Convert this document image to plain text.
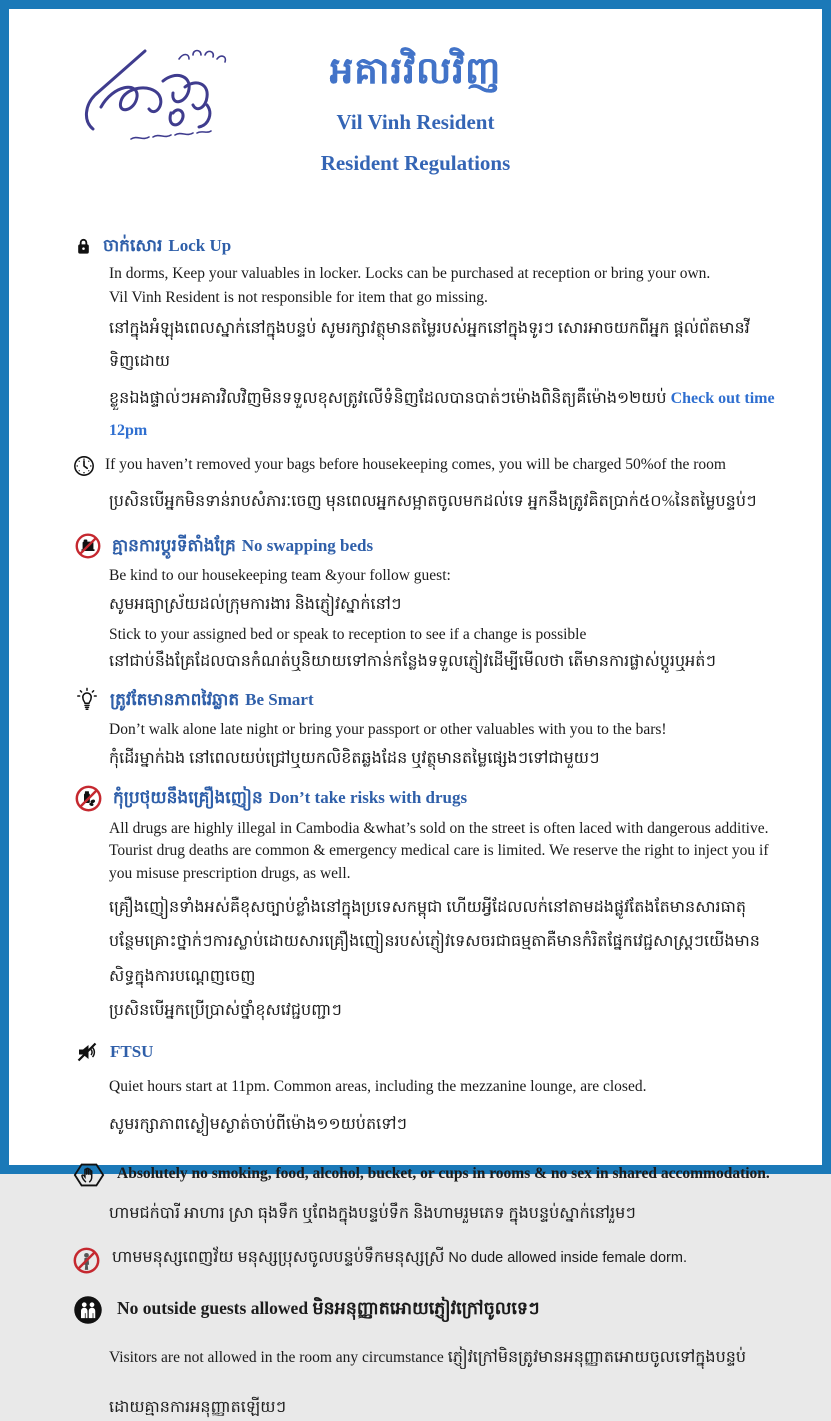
អគារវិលវិញ
Vil Vinh Resident
Resident Regulations
ចាក់សោរ Lock Up

In dorms, Keep your valuables in locker. Locks can be purchased at reception or bring your own.

Vil Vinh Resident is not responsible for item that go missing.

នៅក្នុងអំឡុងពេលស្នាក់នៅក្នុងបន្ទប់ សូមរក្សាវត្ថុមានតម្លៃរបស់អ្នកនៅក្នុងទូរៗ សោរអាចយកពីអ្នក ផ្តល់ព័តមានវី ទិញដោយ

ខ្លួនឯងផ្ទាល់ៗអគារវិលវិញមិនទទួលខុសត្រូវលើទំនិញដែលបានបាត់ៗម៉ោងពិនិត្យគឺម៉ោង១២យប់ Check out time 12pm

If you haven’t removed your bags before housekeeping comes, you will be charged 50%of the room

ប្រសិនបើអ្នកមិនទាន់រាបសំភារៈចេញ មុនពេលអ្នកសម្អាតចូលមកដល់ទេ អ្នកនឹងត្រូវគិតប្រាក់៥០%នៃតម្លៃបន្ទប់ៗ

គ្មានការប្តូរទីតាំងគ្រែ No swapping beds

Be kind to our housekeeping team &your follow guest:

សូមអធ្យាស្រ័យដល់ក្រុមការងារ និងភ្ញៀវស្នាក់នៅៗ

Stick to your assigned bed or speak to reception to see if a change is possible

នៅជាប់នឹងគ្រែដែលបានកំណត់ឬនិយាយទៅកាន់កន្លែងទទួលភ្ញៀវដើម្បីមើលថា តើមានការផ្លាស់ប្តូរឬអត់ៗ

ត្រូវតែមានភាពវៃឆ្លាត Be Smart

Don’t walk alone late night or bring your passport or other valuables with you to the bars!

កុំដើរម្នាក់ឯង នៅពេលយប់ជ្រៅឬយកលិខិតឆ្លងដែន ឬវត្ថុមានតម្លៃផ្សេងៗទៅជាមួយៗ

កុំប្រថុយនឹងគ្រឿងញៀន Don’t take risks with drugs

All drugs are highly illegal in Cambodia &what’s sold on the street is often laced with dangerous additive. Tourist drug deaths are common & emergency medical care is limited. We reserve the right to inject you if you misuse prescription drugs, as well.

គ្រឿងញៀនទាំងអស់គឺខុសច្បាប់ខ្លាំងនៅក្នុងប្រទេសកម្ពុជា ហើយអ្វីដែលលក់នៅតាមដងផ្លូវតែងតែមានសារធាតុបន្ថែមគ្រោះថ្នាក់ៗការស្លាប់ដោយសារគ្រឿងញៀនរបស់ភ្ញៀវទេសចរជាធម្មតាគឺមានកំរិតផ្នែកវេជ្ជសាស្ត្រៗយើងមានសិទ្ធក្នុងការបណ្តេញចេញ

ប្រសិនបើអ្នកប្រើប្រាស់ថ្នាំខុសវេជ្ជបញ្ជាៗ

FTSU

Quiet hours start at 11pm. Common areas, including the mezzanine lounge, are closed.

សូមរក្សាភាពស្ងៀមស្ងាត់ចាប់ពីម៉ោង១១យប់តទៅៗ

Absolutely no smoking, food, alcohol, bucket, or cups in rooms & no sex in shared accommodation.

ហាមជក់បារី អាហារ ស្រា ធុងទឹក ឬពែងក្នុងបន្ទប់ទឹក និងហាមរួមភេទ ក្នុងបន្ទប់ស្នាក់នៅរួមៗ

ហាមមនុស្សពេញវ័យ មនុស្សប្រុសចូលបន្ទប់ទឹកមនុស្សស្រី No dude allowed inside female dorm.

No outside guests allowed មិនអនុញ្ញាតអោយភ្ញៀវក្រៅចូលទេៗ

Visitors are not allowed in the room any circumstance ភ្ញៀវក្រៅមិនត្រូវមានអនុញ្ញាតអោយចូលទៅក្នុងបន្ទប់

ដោយគ្មានការអនុញ្ញាតឡើយៗ
